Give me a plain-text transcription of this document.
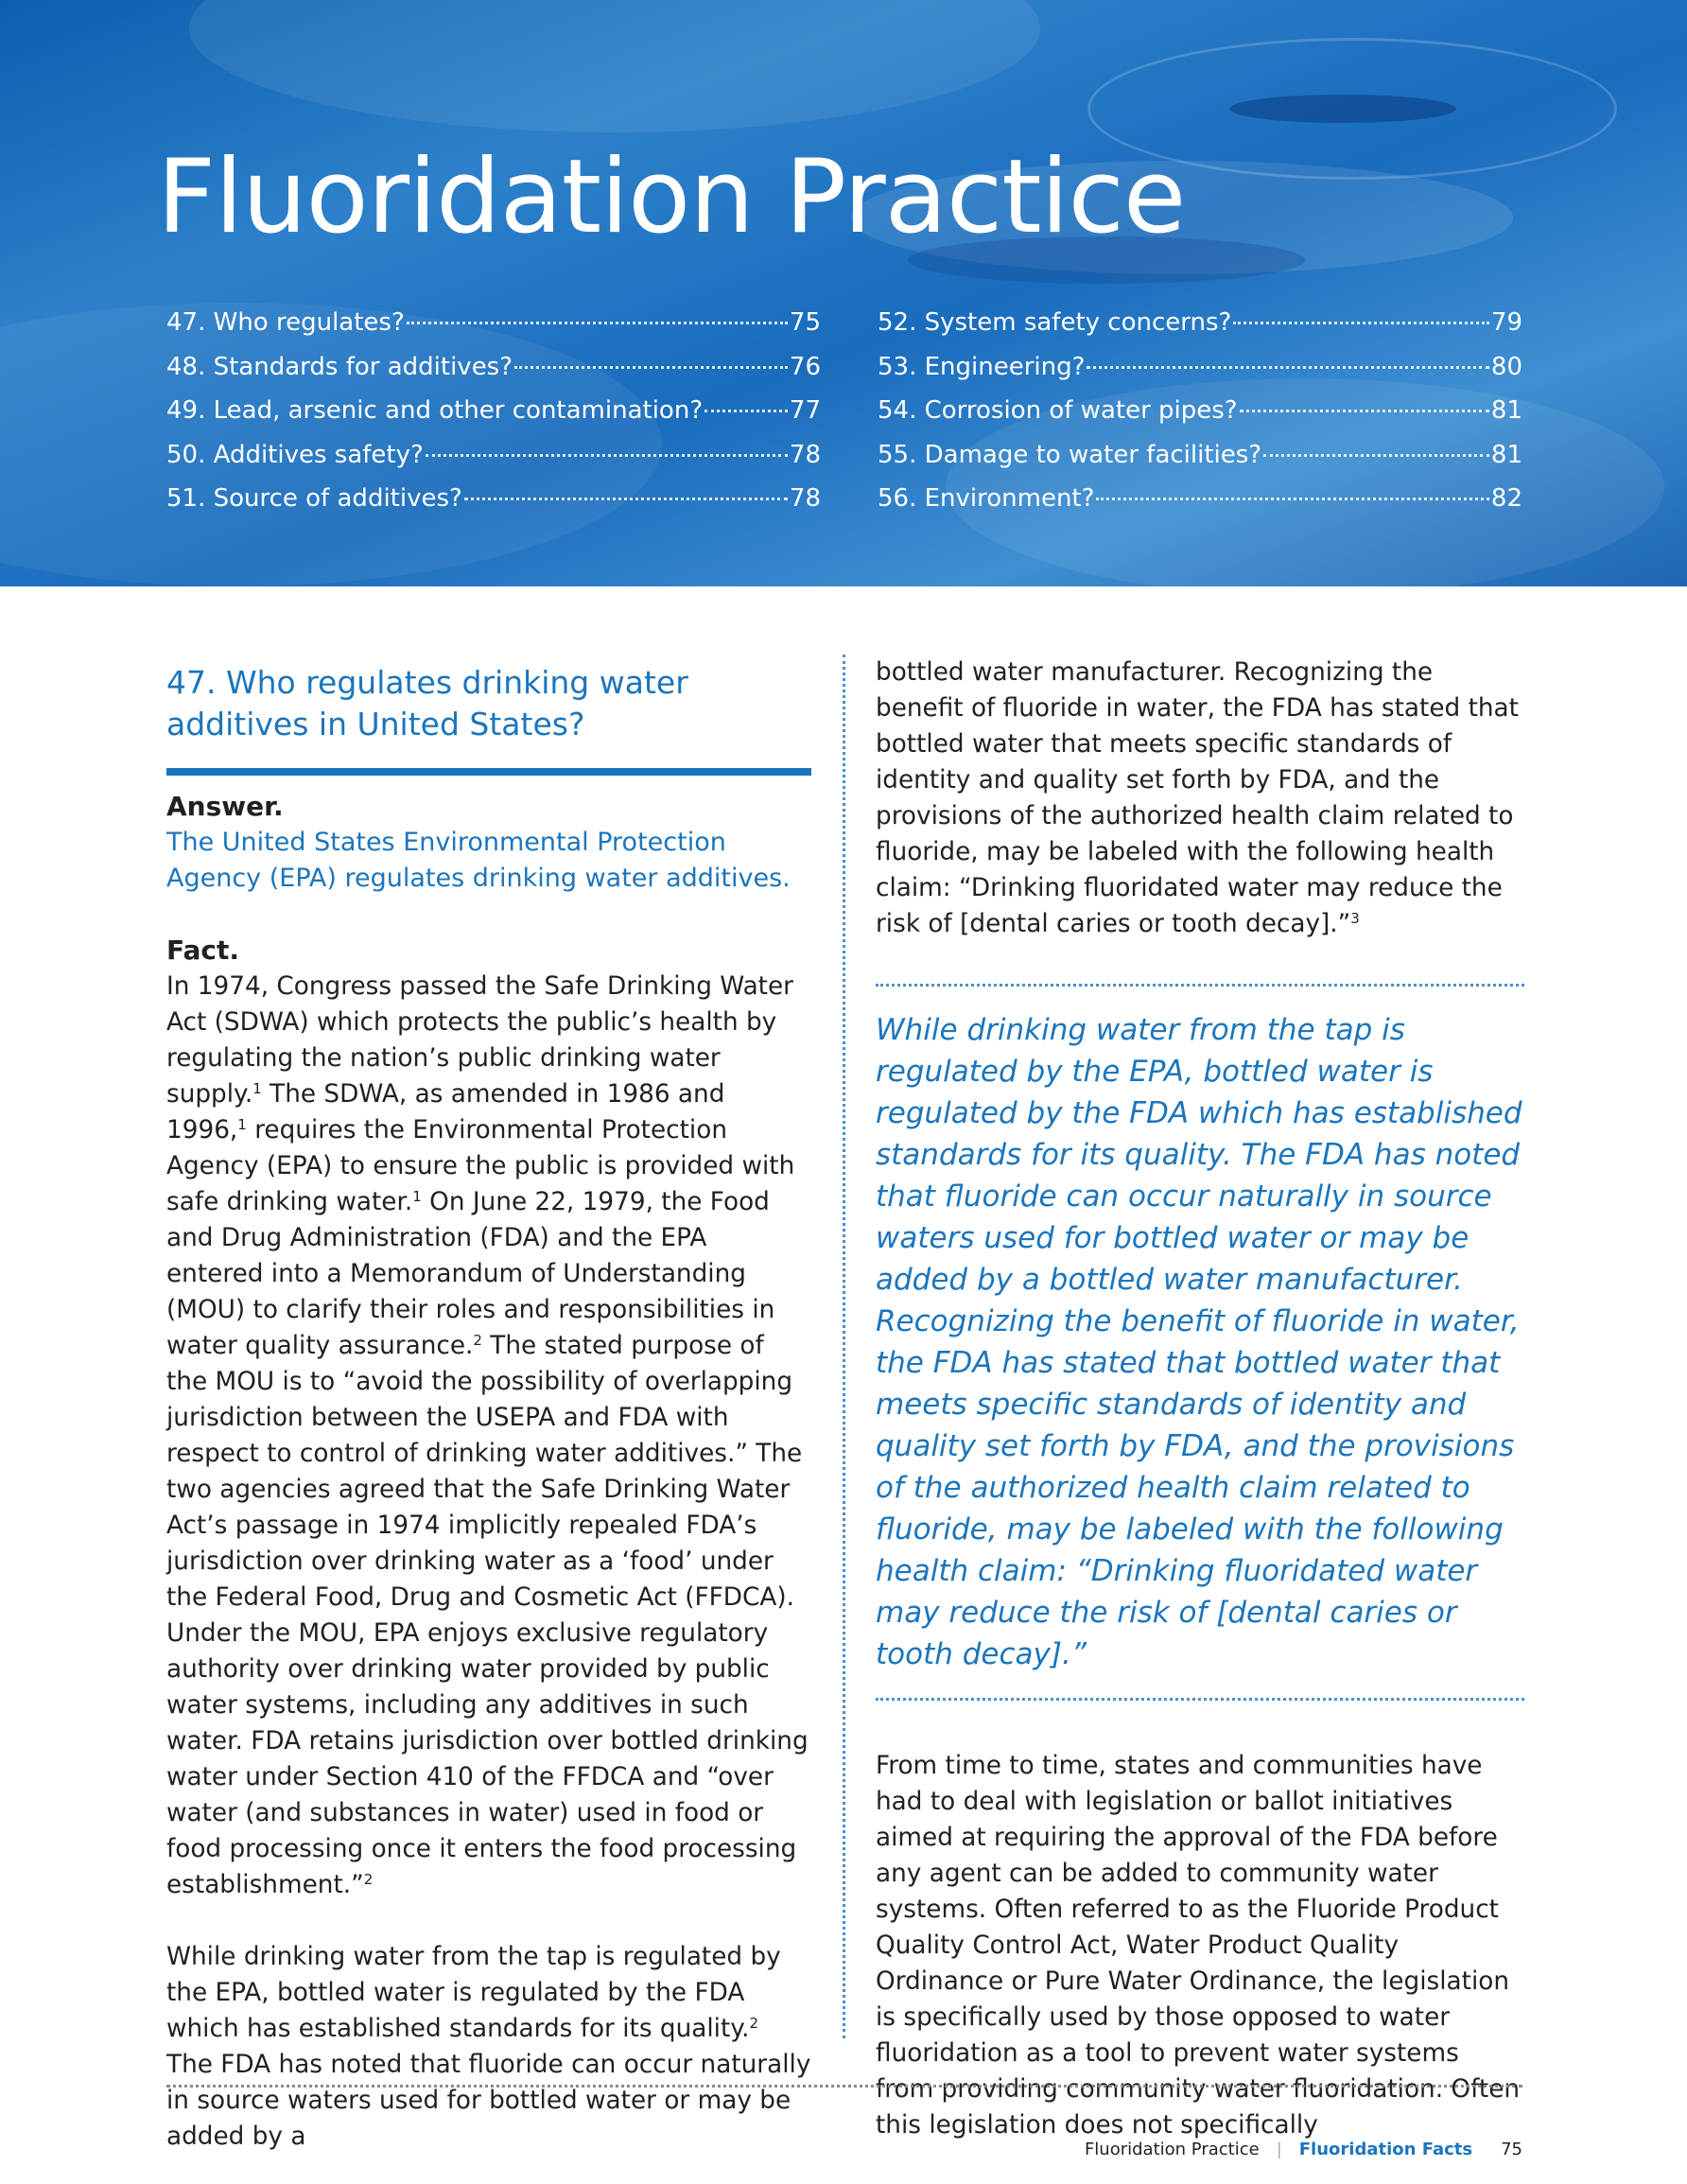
Fluoridation Practice
47. Who regulates?	75
48. Standards for additives?	76
49. Lead, arsenic and other contamination?	77
50. Additives safety?	78
51. Source of additives?	78
52. System safety concerns?	79
53. Engineering?	80
54. Corrosion of water pipes?	81
55. Damage to water facilities?	81
56. Environment?	82
47. Who regulates drinking water additives in United States?
Answer.

The United States Environmental Protection Agency (EPA) regulates drinking water additives.

Fact.

In 1974, Congress passed the Safe Drinking Water Act (SDWA) which protects the public’s health by regulating the nation’s public drinking water supply.$^1$ The SDWA, as amended in 1986 and 1996,$^1$ requires the Environmental Protection Agency (EPA) to ensure the public is provided with safe drinking water.$^1$ On June 22, 1979, the Food and Drug Administration (FDA) and the EPA entered into a Memorandum of Understanding (MOU) to clarify their roles and responsibilities in water quality assurance.$^2$ The stated purpose of the MOU is to “avoid the possibility of overlapping jurisdiction between the USEPA and FDA with respect to control of drinking water additives.” The two agencies agreed that the Safe Drinking Water Act’s passage in 1974 implicitly repealed FDA’s jurisdiction over drinking water as a ‘food’ under the Federal Food, Drug and Cosmetic Act (FFDCA). Under the MOU, EPA enjoys exclusive regulatory authority over drinking water provided by public water systems, including any additives in such water. FDA retains jurisdiction over bottled drinking water under Section 410 of the FFDCA and “over water (and substances in water) used in food or food processing once it enters the food processing establishment.”$^2$

While drinking water from the tap is regulated by the EPA, bottled water is regulated by the FDA which has established standards for its quality.$^2$ The FDA has noted that fluoride can occur naturally in source waters used for bottled water or may be added by a

bottled water manufacturer. Recognizing the benefit of fluoride in water, the FDA has stated that bottled water that meets specific standards of identity and quality set forth by FDA, and the provisions of the authorized health claim related to fluoride, may be labeled with the following health claim: “Drinking fluoridated water may reduce the risk of [dental caries or tooth decay].”$^3$

While drinking water from the tap is regulated by the EPA, bottled water is regulated by the FDA which has established standards for its quality. The FDA has noted that fluoride can occur naturally in source waters used for bottled water or may be added by a bottled water manufacturer. Recognizing the benefit of fluoride in water, the FDA has stated that bottled water that meets specific standards of identity and quality set forth by FDA, and the provisions of the authorized health claim related to fluoride, may be labeled with the following health claim: “Drinking fluoridated water may reduce the risk of [dental caries or tooth decay].”

From time to time, states and communities have had to deal with legislation or ballot initiatives aimed at requiring the approval of the FDA before any agent can be added to community water systems. Often referred to as the Fluoride Product Quality Control Act, Water Product Quality Ordinance or Pure Water Ordinance, the legislation is specifically used by those opposed to water fluoridation as a tool to prevent water systems from providing community water fluoridation. Often this legislation does not specifically

Fluoridation Practice | Fluoridation Facts 75
